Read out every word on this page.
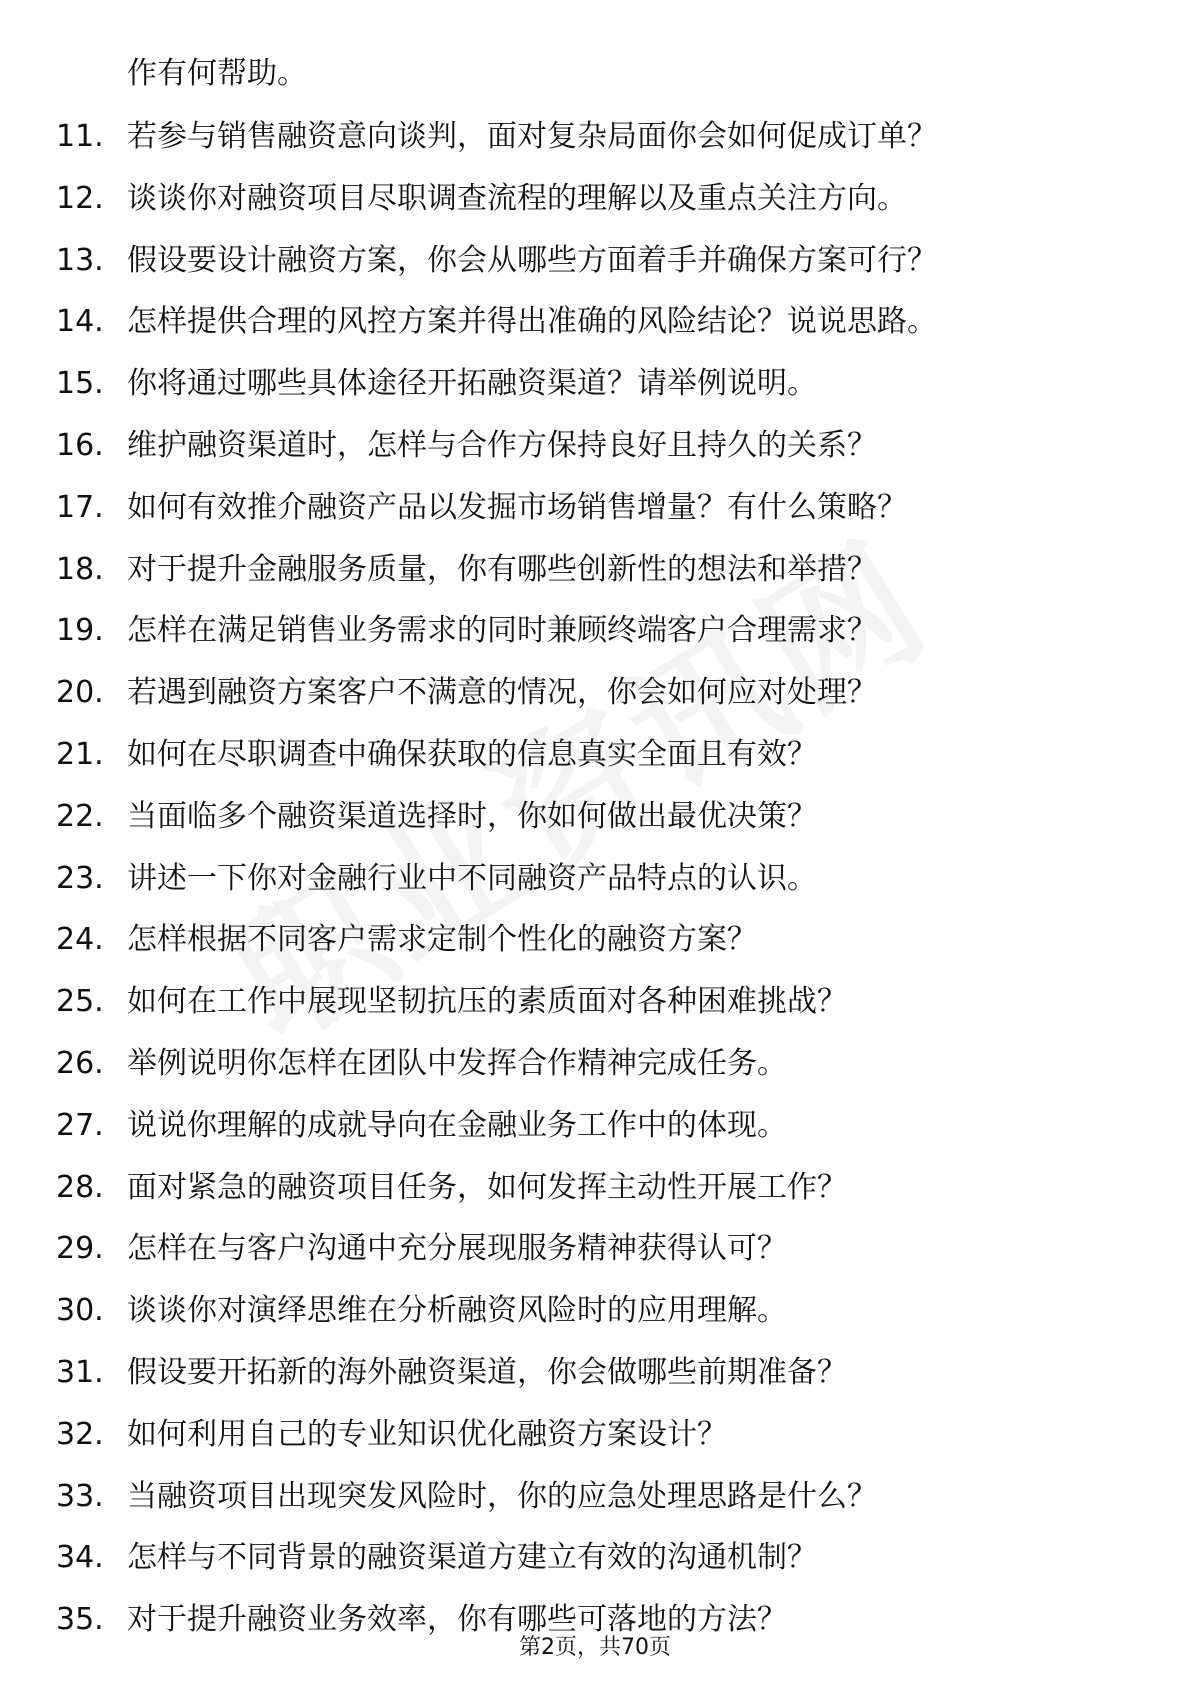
作有何帮助。
11. 若参与销售融资意向谈判，面对复杂局面你会如何促成订单？
12. 谈谈你对融资项目尽职调查流程的理解以及重点关注方向。
13. 假设要设计融资方案，你会从哪些方面着手并确保方案可行？
14. 怎样提供合理的风控方案并得出准确的风险结论？说说思路。
15. 你将通过哪些具体途径开拓融资渠道？请举例说明。
16. 维护融资渠道时，怎样与合作方保持良好且持久的关系？
17. 如何有效推介融资产品以发掘市场销售增量？有什么策略？
18. 对于提升金融服务质量，你有哪些创新性的想法和举措？
19. 怎样在满足销售业务需求的同时兼顾终端客户合理需求？
20. 若遇到融资方案客户不满意的情况，你会如何应对处理？
21. 如何在尽职调查中确保获取的信息真实全面且有效？
22. 当面临多个融资渠道选择时，你如何做出最优决策？
23. 讲述一下你对金融行业中不同融资产品特点的认识。
24. 怎样根据不同客户需求定制个性化的融资方案？
25. 如何在工作中展现坚韧抗压的素质面对各种困难挑战？
26. 举例说明你怎样在团队中发挥合作精神完成任务。
27. 说说你理解的成就导向在金融业务工作中的体现。
28. 面对紧急的融资项目任务，如何发挥主动性开展工作？
29. 怎样在与客户沟通中充分展现服务精神获得认可？
30. 谈谈你对演绎思维在分析融资风险时的应用理解。
31. 假设要开拓新的海外融资渠道，你会做哪些前期准备？
32. 如何利用自己的专业知识优化融资方案设计？
33. 当融资项目出现突发风险时，你的应急处理思路是什么？
34. 怎样与不同背景的融资渠道方建立有效的沟通机制？
35. 对于提升融资业务效率，你有哪些可落地的方法？
第2页，共70页
